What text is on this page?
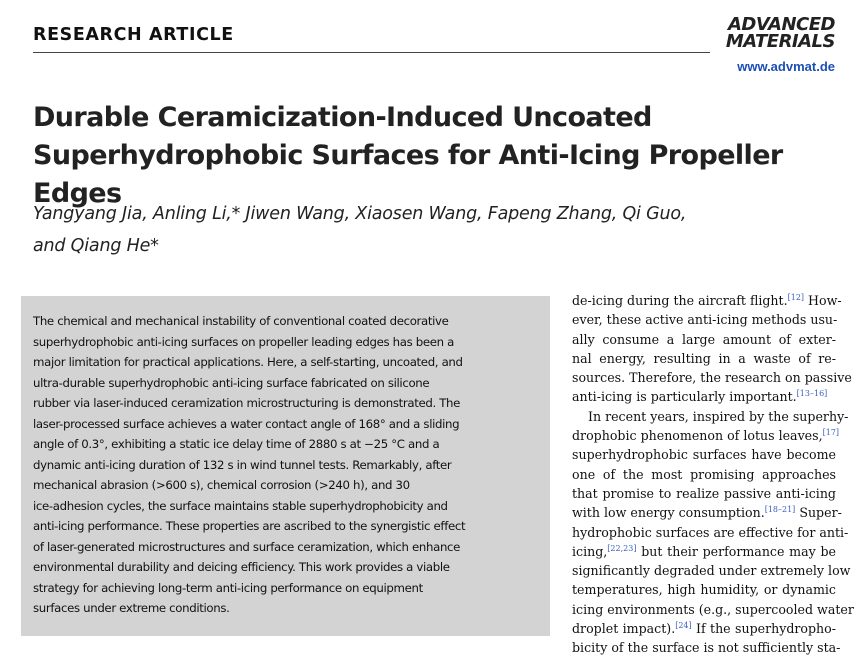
RESEARCH ARTICLE	ADVANCED
MATERIALS
www.advmat.de
Durable Ceramicization-Induced Uncoated
Superhydrophobic Surfaces for Anti-Icing Propeller Edges
Yangyang Jia, Anling Li,* Jiwen Wang, Xiaosen Wang, Fapeng Zhang, Qi Guo,
and Qiang He*
The chemical and mechanical instability of conventional coated decorative
superhydrophobic anti-icing surfaces on propeller leading edges has been a
major limitation for practical applications. Here, a self-starting, uncoated, and
ultra-durable superhydrophobic anti-icing surface fabricated on silicone
rubber via laser-induced ceramization microstructuring is demonstrated. The
laser-processed surface achieves a water contact angle of 168° and a sliding
angle of 0.3°, exhibiting a static ice delay time of 2880 s at −25 °C and a
dynamic anti-icing duration of 132 s in wind tunnel tests. Remarkably, after
mechanical abrasion (>600 s), chemical corrosion (>240 h), and 30
ice-adhesion cycles, the surface maintains stable superhydrophobicity and
anti-icing performance. These properties are ascribed to the synergistic effect
of laser-generated microstructures and surface ceramization, which enhance
environmental durability and deicing efficiency. This work provides a viable
strategy for achieving long-term anti-icing performance on equipment
surfaces under extreme conditions.
de-icing during the aircraft flight.[12] How-
ever, these active anti-icing methods usu-
ally consume a large amount of exter-
nal energy, resulting in a waste of re-
sources. Therefore, the research on passive
anti-icing is particularly important.[13–16]
In recent years, inspired by the superhy-
drophobic phenomenon of lotus leaves,[17]
superhydrophobic surfaces have become
one of the most promising approaches
that promise to realize passive anti-icing
with low energy consumption.[18–21] Super-
hydrophobic surfaces are effective for anti-
icing,[22,23] but their performance may be
significantly degraded under extremely low
temperatures, high humidity, or dynamic
icing environments (e.g., supercooled water
droplet impact).[24] If the superhydropho-
bicity of the surface is not sufficiently sta-
